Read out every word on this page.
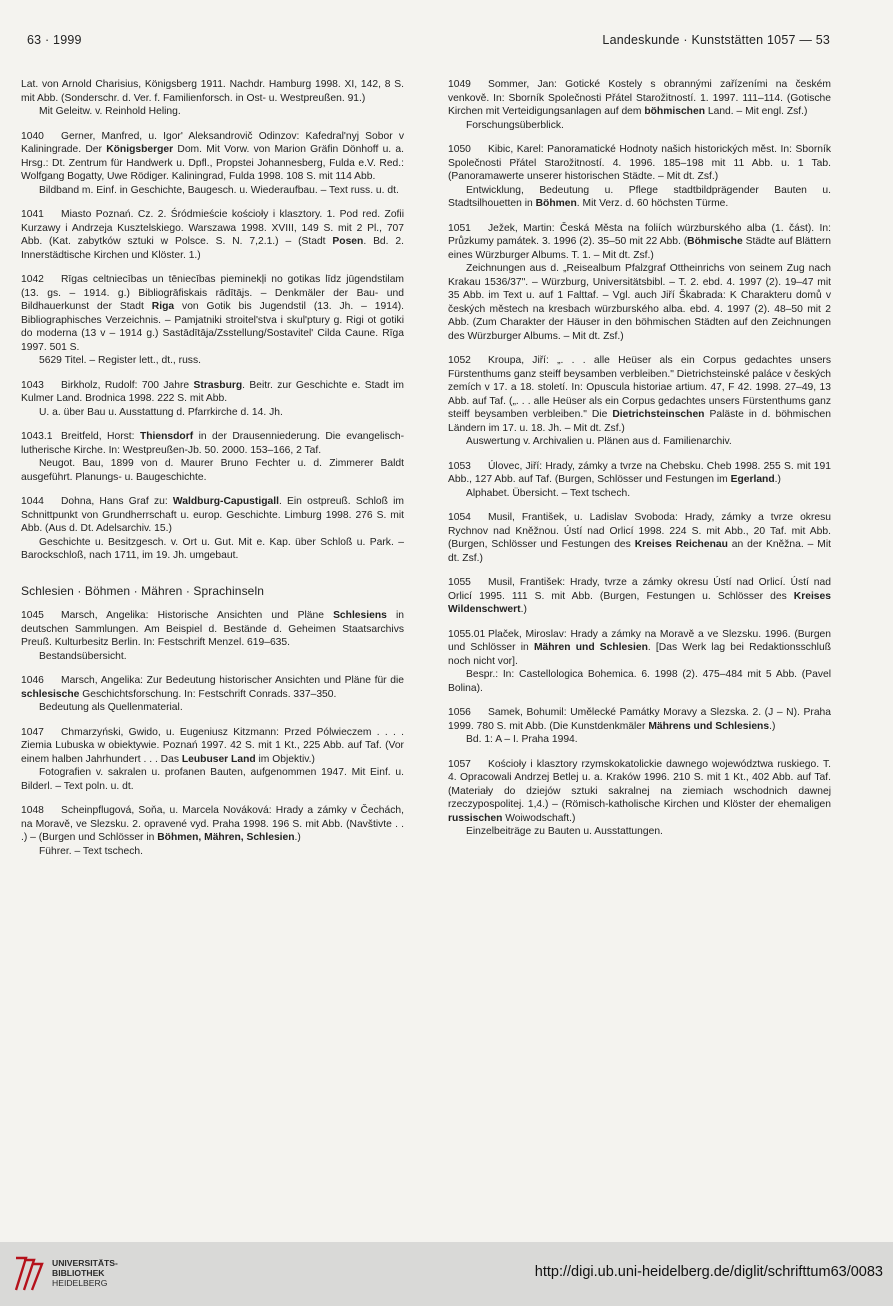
63 · 1999	Landeskunde · Kunststätten 1057 — 53

Lat. von Arnold Charisius, Königsberg 1911. Nachdr. Hamburg 1998. XI, 142, 8 S. mit Abb. (Sonderschr. d. Ver. f. Familienforsch. in Ost- u. Westpreußen. 91.)

Mit Geleitw. v. Reinhold Heling.

1040 Gerner, Manfred, u. Igor' Aleksandrovič Odinzov: Kafedral'nyj Sobor v Kaliningrade. Der Königsberger Dom. Mit Vorw. von Marion Gräfin Dönhoff u. a. Hrsg.: Dt. Zentrum für Handwerk u. Dpfl., Propstei Johannesberg, Fulda e.V. Red.: Wolfgang Bogatty, Uwe Rödiger. Kaliningrad, Fulda 1998. 108 S. mit 114 Abb.

Bildband m. Einf. in Geschichte, Baugesch. u. Wiederaufbau. – Text russ. u. dt.

1041 Miasto Poznań. Cz. 2. Śródmieście kościoły i klasztory. 1. Pod red. Zofii Kurzawy i Andrzeja Kusztelskiego. Warszawa 1998. XVIII, 149 S. mit 2 Pl., 707 Abb. (Kat. zabytków sztuki w Polsce. S. N. 7,2.1.) – (Stadt Posen. Bd. 2. Innerstädtische Kirchen und Klöster. 1.)

1042 Rīgas celtniecības un tēniecības pieminekļi no gotikas līdz jūgendstilam (13. gs. – 1914. g.) Bibliogrāfiskais rādītājs. – Denkmäler der Bau- und Bildhauerkunst der Stadt Riga von Gotik bis Jugendstil (13. Jh. – 1914). Bibliographisches Verzeichnis. – Pamjatniki stroitel'stva i skul'ptury g. Rigi ot gotiki do moderna (13 v – 1914 g.) Sastādītāja/Zsstellung/Sostavitel' Cilda Caune. Rīga 1997. 501 S.

5629 Titel. – Register lett., dt., russ.

1043 Birkholz, Rudolf: 700 Jahre Strasburg. Beitr. zur Geschichte e. Stadt im Kulmer Land. Brodnica 1998. 222 S. mit Abb.

U. a. über Bau u. Ausstattung d. Pfarrkirche d. 14. Jh.

1043.1 Breitfeld, Horst: Thiensdorf in der Drausenniederung. Die evangelisch-lutherische Kirche. In: Westpreußen-Jb. 50. 2000. 153–166, 2 Taf.

Neugot. Bau, 1899 von d. Maurer Bruno Fechter u. d. Zimmerer Baldt ausgeführt. Planungs- u. Baugeschichte.

1044 Dohna, Hans Graf zu: Waldburg-Capustigall. Ein ostpreuß. Schloß im Schnittpunkt von Grundherrschaft u. europ. Geschichte. Limburg 1998. 276 S. mit Abb. (Aus d. Dt. Adelsarchiv. 15.)

Geschichte u. Besitzgesch. v. Ort u. Gut. Mit e. Kap. über Schloß u. Park. – Barockschloß, nach 1711, im 19. Jh. umgebaut.

Schlesien · Böhmen · Mähren · Sprachinseln

1045 Marsch, Angelika: Historische Ansichten und Pläne Schlesiens in deutschen Sammlungen. Am Beispiel d. Bestände d. Geheimen Staatsarchivs Preuß. Kulturbesitz Berlin. In: Festschrift Menzel. 619–635.

Bestandsübersicht.

1046 Marsch, Angelika: Zur Bedeutung historischer Ansichten und Pläne für die schlesische Geschichtsforschung. In: Festschrift Conrads. 337–350.

Bedeutung als Quellenmaterial.

1047 Chmarzyński, Gwido, u. Eugeniusz Kitzmann: Przed Pólwieczem . . . . Ziemia Lubuska w obiektywie. Poznań 1997. 42 S. mit 1 Kt., 225 Abb. auf Taf. (Vor einem halben Jahrhundert . . . Das Leubuser Land im Objektiv.)

Fotografien v. sakralen u. profanen Bauten, aufgenommen 1947. Mit Einf. u. Bilderl. – Text poln. u. dt.

1048 Scheinpflugová, Soňa, u. Marcela Nováková: Hrady a zámky v Čechách, na Moravě, ve Slezsku. 2. opravené vyd. Praha 1998. 196 S. mit Abb. (Navštivte . . .) – (Burgen und Schlösser in Böhmen, Mähren, Schlesien.)

Führer. – Text tschech.

1049 Sommer, Jan: Gotické Kostely s obrannými zařízeními na českém venkově. In: Sborník Společnosti Přátel Starožitností. 1. 1997. 111–114. (Gotische Kirchen mit Verteidigungsanlagen auf dem böhmischen Land. – Mit engl. Zsf.)

Forschungsüberblick.

1050 Kibic, Karel: Panoramatické Hodnoty našich historických měst. In: Sborník Společnosti Přátel Starožitností. 4. 1996. 185–198 mit 11 Abb. u. 1 Tab. (Panoramawerte unserer historischen Städte. – Mit dt. Zsf.)

Entwicklung, Bedeutung u. Pflege stadtbildprägender Bauten u. Stadtsilhouetten in Böhmen. Mit Verz. d. 60 höchsten Türme.

1051 Ježek, Martin: Česká Města na foliích würzburského alba (1. část). In: Průzkumy památek. 3. 1996 (2). 35–50 mit 22 Abb. (Böhmische Städte auf Blättern eines Würzburger Albums. T. 1. – Mit dt. Zsf.)

Zeichnungen aus d. „Reisealbum Pfalzgraf Ottheinrichs von seinem Zug nach Krakau 1536/37". – Würzburg, Universitätsbibl. – T. 2. ebd. 4. 1997 (2). 19–47 mit 35 Abb. im Text u. auf 1 Falttaf. – Vgl. auch Jiří Škabrada: K Charakteru domů v českých městech na kresbach würzburského alba. ebd. 4. 1997 (2). 48–50 mit 2 Abb. (Zum Charakter der Häuser in den böhmischen Städten auf den Zeichnungen des Würzburger Albums. – Mit dt. Zsf.)

1052 Kroupa, Jiří: „. . . alle Heüser als ein Corpus gedachtes unsers Fürstenthums ganz steiff beysamben verbleiben." Dietrichsteinské paláce v českých zemích v 17. a 18. století. In: Opuscula historiae artium. 47, F 42. 1998. 27–49, 13 Abb. auf Taf. („. . . alle Heüser als ein Corpus gedachtes unsers Fürstenthums ganz steiff beysamben verbleiben." Die Dietrichsteinschen Paläste in d. böhmischen Ländern im 17. u. 18. Jh. – Mit dt. Zsf.)

Auswertung v. Archivalien u. Plänen aus d. Familienarchiv.

1053 Úlovec, Jiří: Hrady, zámky a tvrze na Chebsku. Cheb 1998. 255 S. mit 191 Abb., 127 Abb. auf Taf. (Burgen, Schlösser und Festungen im Egerland.)

Alphabet. Übersicht. – Text tschech.

1054 Musil, František, u. Ladislav Svoboda: Hrady, zámky a tvrze okresu Rychnov nad Kněžnou. Ústí nad Orlicí 1998. 224 S. mit Abb., 20 Taf. mit Abb. (Burgen, Schlösser und Festungen des Kreises Reichenau an der Kněžna. – Mit dt. Zsf.)

1055 Musil, František: Hrady, tvrze a zámky okresu Ústí nad Orlicí. Ústí nad Orlicí 1995. 111 S. mit Abb. (Burgen, Festungen u. Schlösser des Kreises Wildenschwert.)

1055.01 Plaček, Miroslav: Hrady a zámky na Moravě a ve Slezsku. 1996. (Burgen und Schlösser in Mähren und Schlesien. [Das Werk lag bei Redaktionsschluß noch nicht vor].

Bespr.: In: Castellologica Bohemica. 6. 1998 (2). 475–484 mit 5 Abb. (Pavel Bolina).

1056 Samek, Bohumil: Umělecké Památky Moravy a Slezska. 2. (J – N). Praha 1999. 780 S. mit Abb. (Die Kunstdenkmäler Mährens und Schlesiens.)

Bd. 1: A – I. Praha 1994.

1057 Kościoły i klasztory rzymskokatolickie dawnego województwa ruskiego. T. 4. Opracowali Andrzej Betlej u. a. Kraków 1996. 210 S. mit 1 Kt., 402 Abb. auf Taf. (Materiały do dziejów sztuki sakralnej na ziemiach wschodnich dawnej rzeczypospolitej. 1,4.) – (Römisch-katholische Kirchen und Klöster der ehemaligen russischen Woiwodschaft.)

Einzelbeiträge zu Bauten u. Ausstattungen.

UNIVERSITÄTS-
BIBLIOTHEK
HEIDELBERG
http://digi.ub.uni-heidelberg.de/diglit/schrifttum63/0083
